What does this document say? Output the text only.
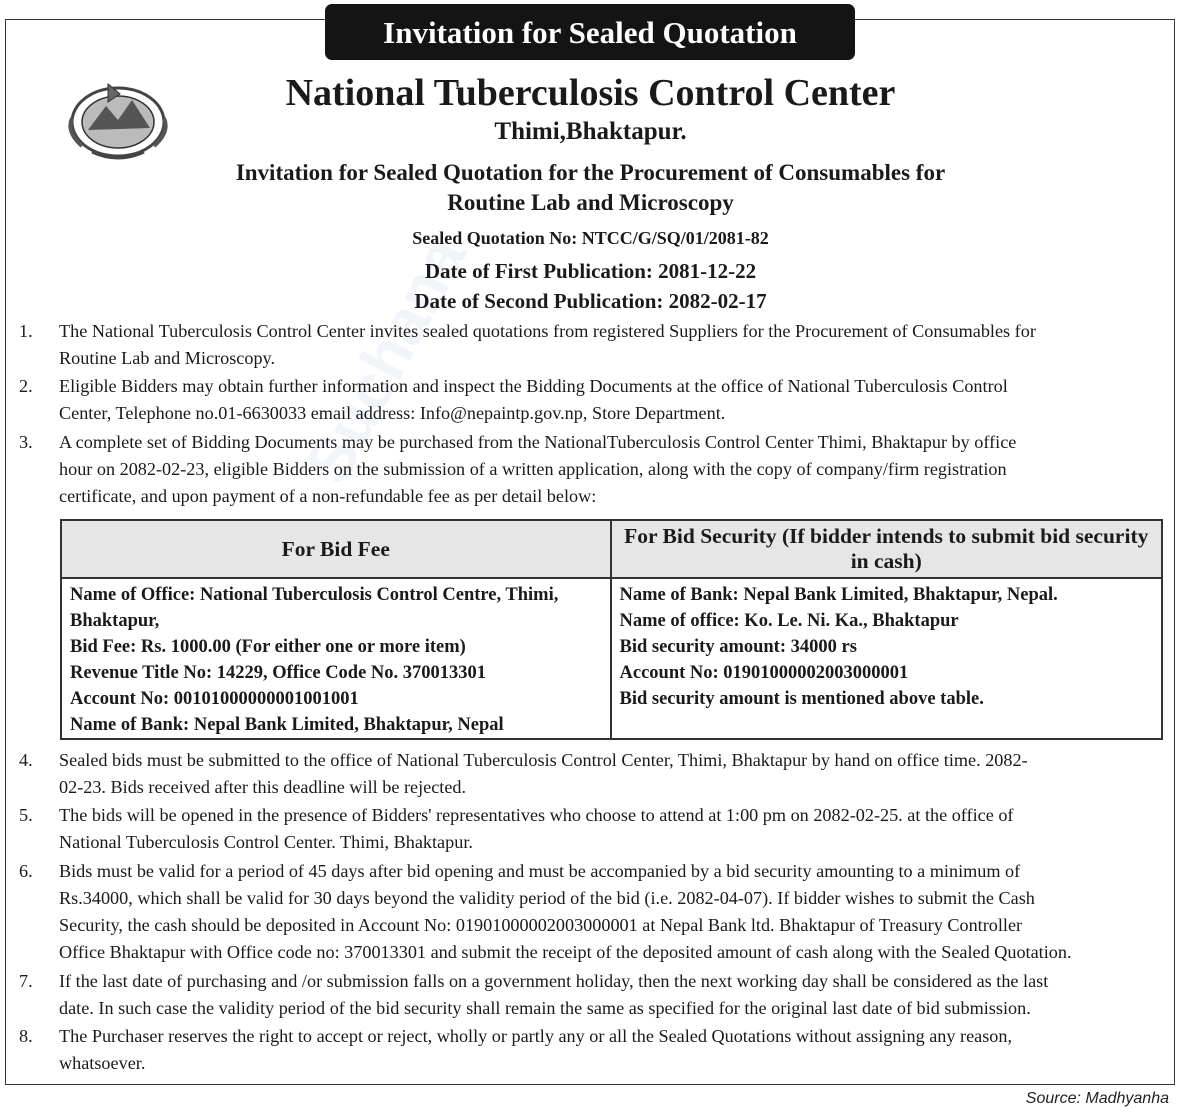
Suchana
Invitation for Sealed Quotation
National Tuberculosis Control Center
Thimi,Bhaktapur.
Invitation for Sealed Quotation for the Procurement of Consumables for
Routine Lab and Microscopy
Sealed Quotation No: NTCC/G/SQ/01/2081-82
Date of First Publication: 2081-12-22
Date of Second Publication: 2082-02-17
1. The National Tuberculosis Control Center invites sealed quotations from registered Suppliers for the Procurement of Consumables for
Routine Lab and Microscopy.
2. Eligible Bidders may obtain further information and inspect the Bidding Documents at the office of National Tuberculosis Control
Center, Telephone no.01-6630033 email address: Info@nepaintp.gov.np, Store Department.
3. A complete set of Bidding Documents may be purchased from the NationalTuberculosis Control Center Thimi, Bhaktapur by office
hour on 2082-02-23, eligible Bidders on the submission of a written application, along with the copy of company/firm registration
certificate, and upon payment of a non-refundable fee as per detail below:
For Bid Fee
Name of Office: National Tuberculosis Control Centre, Thimi,
Bhaktapur,
Bid Fee: Rs. 1000.00 (For either one or more item)
Revenue Title No: 14229, Office Code No. 370013301
Account No: 00101000000001001001
Name of Bank: Nepal Bank Limited, Bhaktapur, Nepal
For Bid Security (If bidder intends to submit bid security in cash)
Name of Bank: Nepal Bank Limited, Bhaktapur, Nepal.
Name of office: Ko. Le. Ni. Ka., Bhaktapur
Bid security amount: 34000 rs
Account No: 01901000002003000001
Bid security amount is mentioned above table.
4. Sealed bids must be submitted to the office of National Tuberculosis Control Center, Thimi, Bhaktapur by hand on office time. 2082-
02-23. Bids received after this deadline will be rejected.
5. The bids will be opened in the presence of Bidders' representatives who choose to attend at 1:00 pm on 2082-02-25. at the office of
National Tuberculosis Control Center. Thimi, Bhaktapur.
6. Bids must be valid for a period of 45 days after bid opening and must be accompanied by a bid security amounting to a minimum of
Rs.34000, which shall be valid for 30 days beyond the validity period of the bid (i.e. 2082-04-07). If bidder wishes to submit the Cash
Security, the cash should be deposited in Account No: 01901000002003000001 at Nepal Bank ltd. Bhaktapur of Treasury Controller
Office Bhaktapur with Office code no: 370013301 and submit the receipt of the deposited amount of cash along with the Sealed Quotation.
7. If the last date of purchasing and /or submission falls on a government holiday, then the next working day shall be considered as the last
date. In such case the validity period of the bid security shall remain the same as specified for the original last date of bid submission.
8. The Purchaser reserves the right to accept or reject, wholly or partly any or all the Sealed Quotations without assigning any reason,
whatsoever.
Source: Madhyanha
